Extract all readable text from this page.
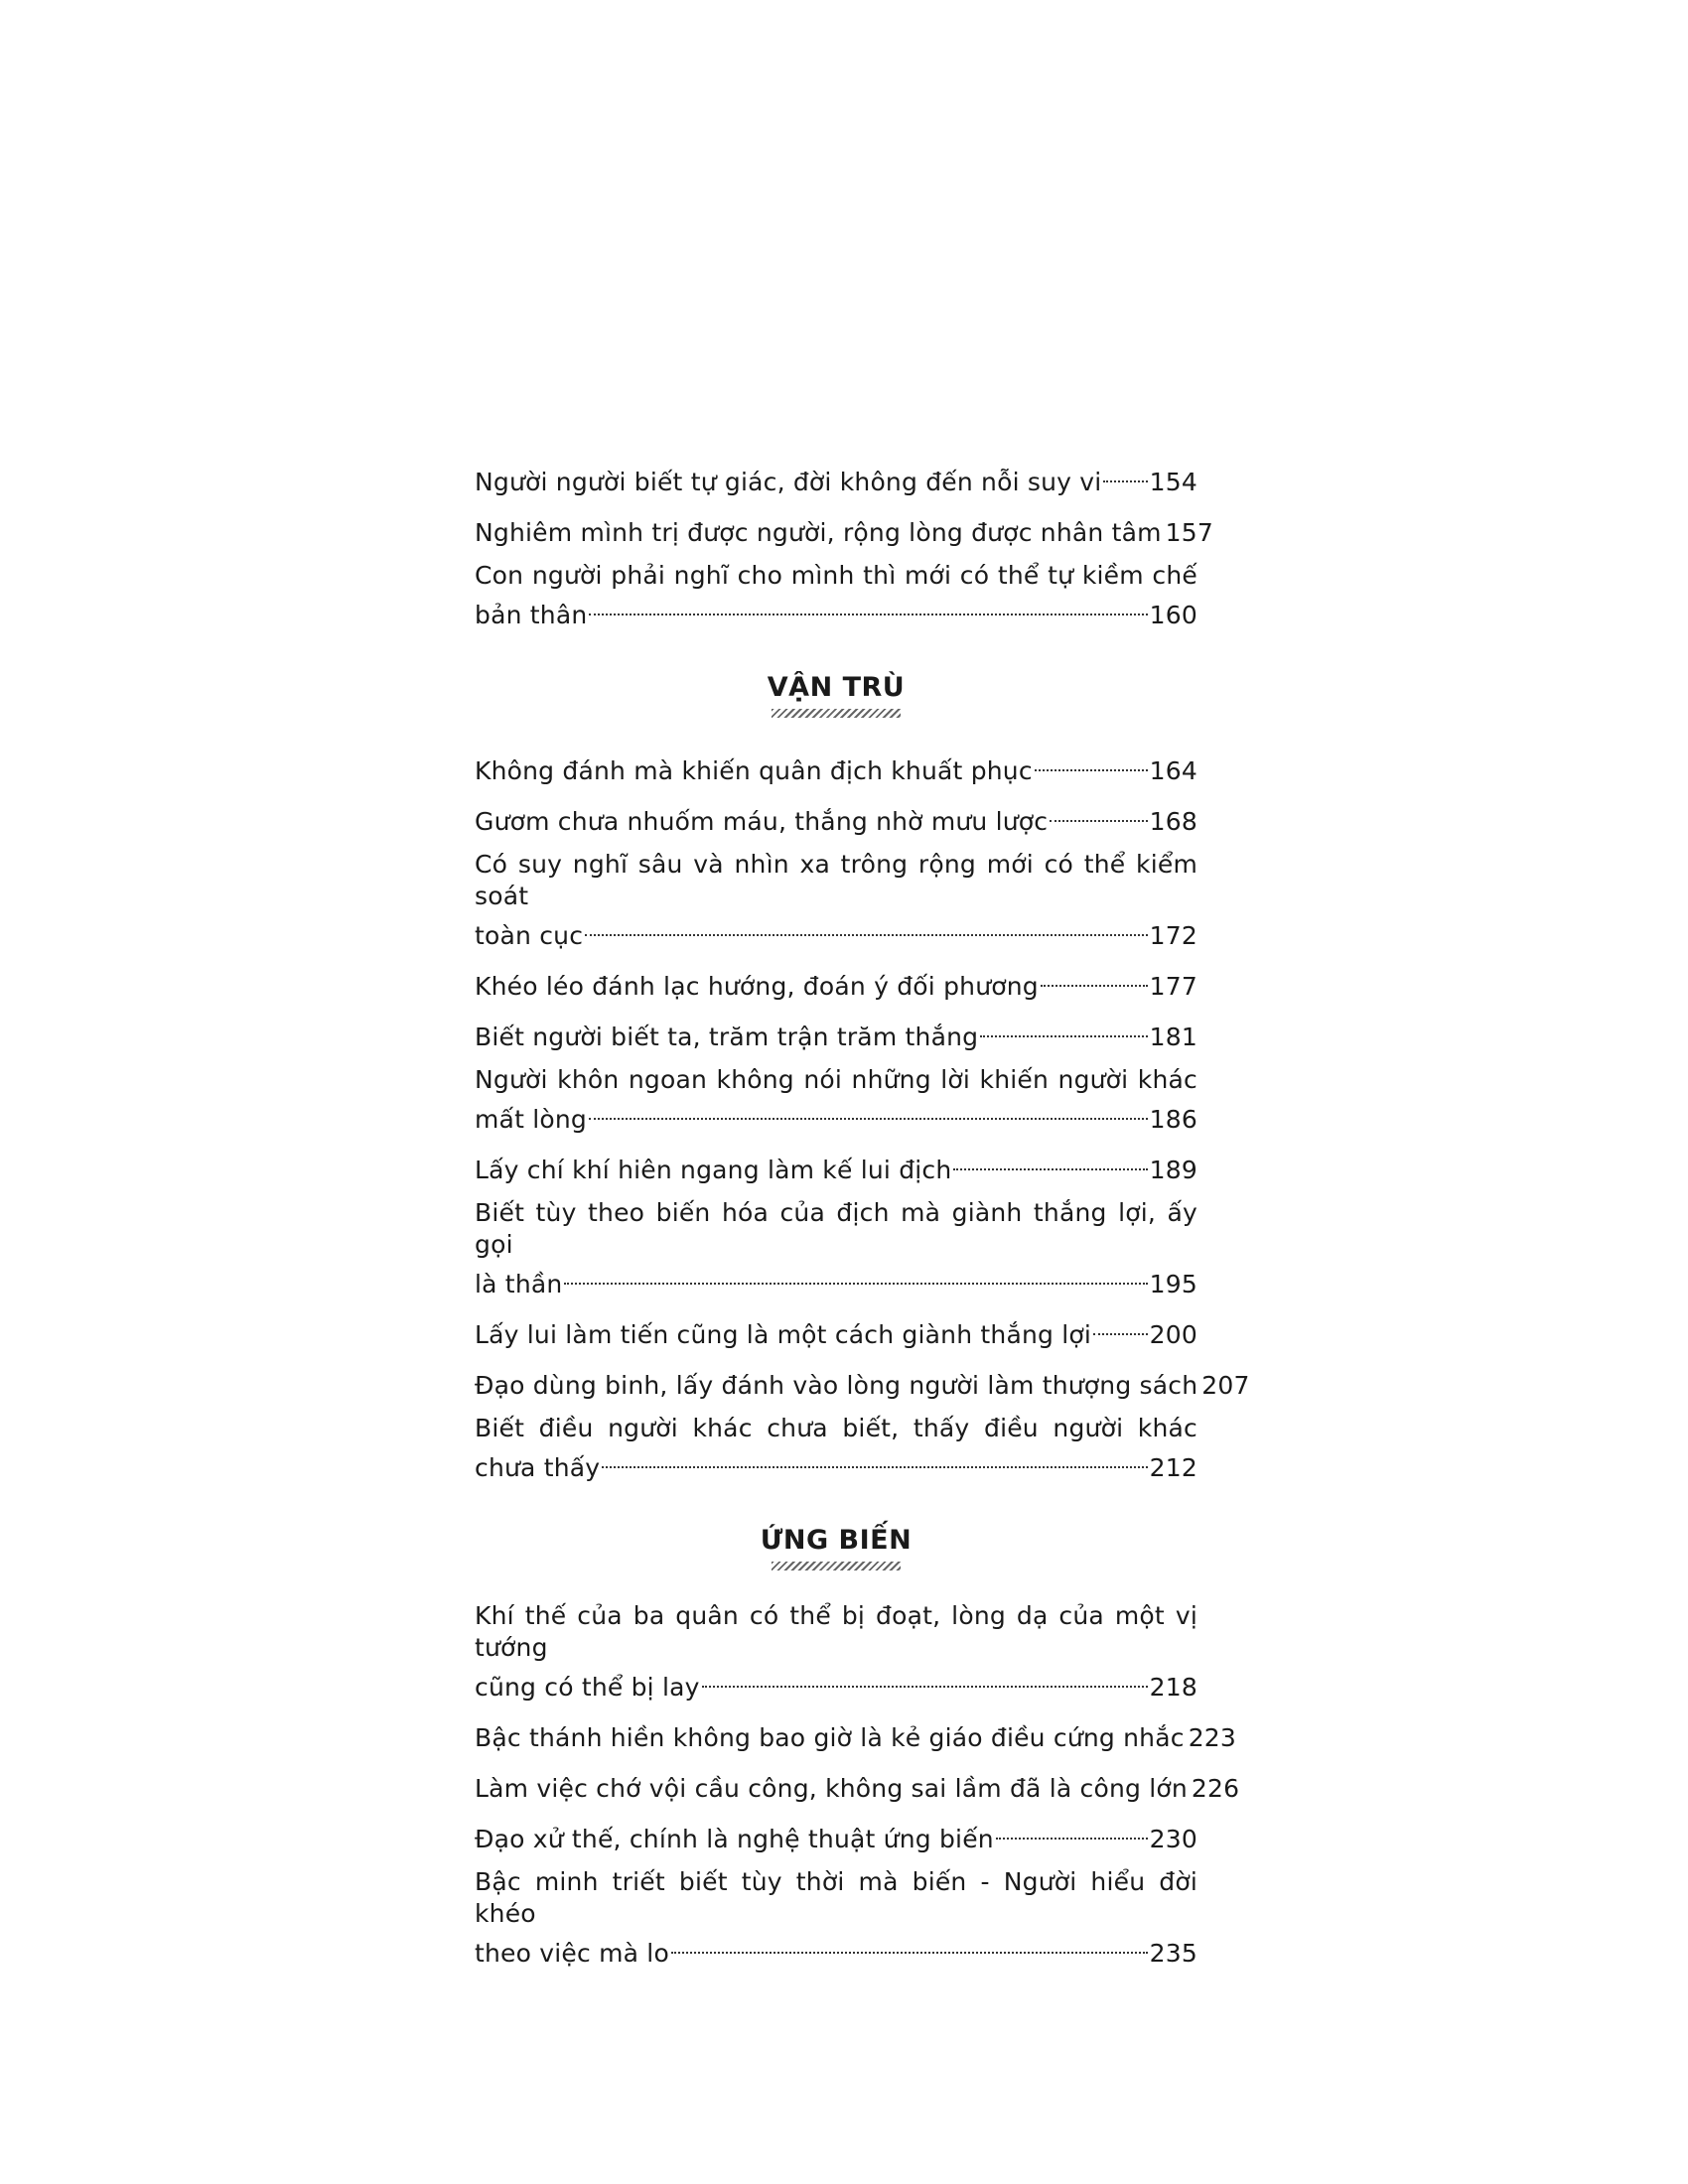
Người người biết tự giác, đời không đến nỗi suy vi 154
Nghiêm mình trị được người, rộng lòng được nhân tâm 157
Con người phải nghĩ cho mình thì mới có thể tự kiềm chế
bản thân	160
VẬN TRÙ
Không đánh mà khiến quân địch khuất phục	164
Gươm chưa nhuốm máu, thắng nhờ mưu lược	168
Có suy nghĩ sâu và nhìn xa trông rộng mới có thể kiểm soát
toàn cục	172
Khéo léo đánh lạc hướng, đoán ý đối phương	177
Biết người biết ta, trăm trận trăm thắng	181
Người khôn ngoan không nói những lời khiến người khác
mất lòng	186
Lấy chí khí hiên ngang làm kế lui địch	189
Biết tùy theo biến hóa của địch mà giành thắng lợi, ấy gọi
là thần	195
Lấy lui làm tiến cũng là một cách giành thắng lợi 200
Đạo dùng binh, lấy đánh vào lòng người làm thượng sách 207
Biết điều người khác chưa biết, thấy điều người khác
chưa thấy	212
ỨNG BIẾN
Khí thế của ba quân có thể bị đoạt, lòng dạ của một vị tướng
cũng có thể bị lay	218
Bậc thánh hiền không bao giờ là kẻ giáo điều cứng nhắc 223
Làm việc chớ vội cầu công, không sai lầm đã là công lớn 226
Đạo xử thế, chính là nghệ thuật ứng biến	230
Bậc minh triết biết tùy thời mà biến - Người hiểu đời khéo
theo việc mà lo	235
